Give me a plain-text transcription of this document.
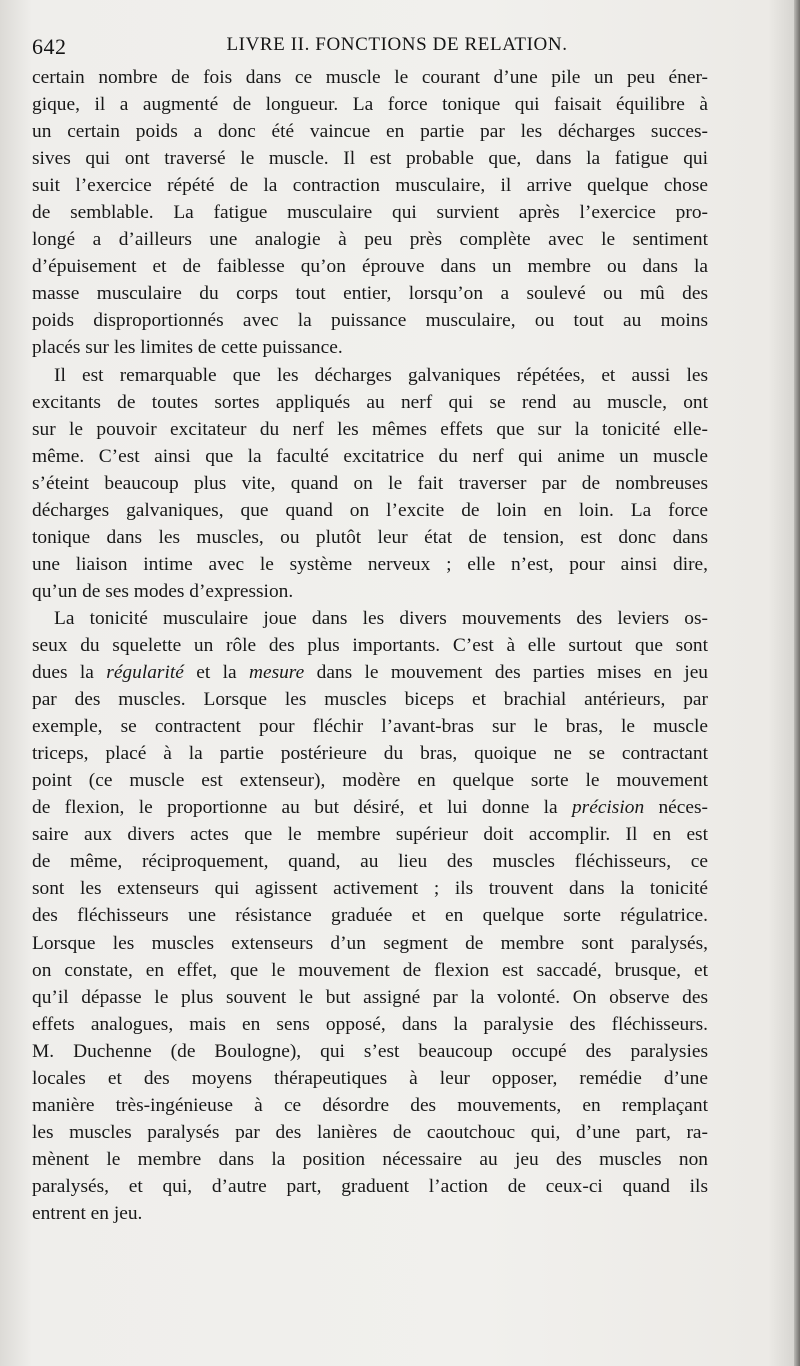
642	LIVRE II. FONCTIONS DE RELATION.
certain nombre de fois dans ce muscle le courant d’une pile un peu éner-
gique, il a augmenté de longueur. La force tonique qui faisait équilibre à
un certain poids a donc été vaincue en partie par les décharges succes-
sives qui ont traversé le muscle. Il est probable que, dans la fatigue qui
suit l’exercice répété de la contraction musculaire, il arrive quelque chose
de semblable. La fatigue musculaire qui survient après l’exercice pro-
longé a d’ailleurs une analogie à peu près complète avec le sentiment
d’épuisement et de faiblesse qu’on éprouve dans un membre ou dans la
masse musculaire du corps tout entier, lorsqu’on a soulevé ou mû des
poids disproportionnés avec la puissance musculaire, ou tout au moins
placés sur les limites de cette puissance.
Il est remarquable que les décharges galvaniques répétées, et aussi les
excitants de toutes sortes appliqués au nerf qui se rend au muscle, ont
sur le pouvoir excitateur du nerf les mêmes effets que sur la tonicité elle-
même. C’est ainsi que la faculté excitatrice du nerf qui anime un muscle
s’éteint beaucoup plus vite, quand on le fait traverser par de nombreuses
décharges galvaniques, que quand on l’excite de loin en loin. La force
tonique dans les muscles, ou plutôt leur état de tension, est donc dans
une liaison intime avec le système nerveux ; elle n’est, pour ainsi dire,
qu’un de ses modes d’expression.
La tonicité musculaire joue dans les divers mouvements des leviers os-
seux du squelette un rôle des plus importants. C’est à elle surtout que sont
dues la régularité et la mesure dans le mouvement des parties mises en jeu
par des muscles. Lorsque les muscles biceps et brachial antérieurs, par
exemple, se contractent pour fléchir l’avant-bras sur le bras, le muscle
triceps, placé à la partie postérieure du bras, quoique ne se contractant
point (ce muscle est extenseur), modère en quelque sorte le mouvement
de flexion, le proportionne au but désiré, et lui donne la précision néces-
saire aux divers actes que le membre supérieur doit accomplir. Il en est
de même, réciproquement, quand, au lieu des muscles fléchisseurs, ce
sont les extenseurs qui agissent activement ; ils trouvent dans la tonicité
des fléchisseurs une résistance graduée et en quelque sorte régulatrice.
Lorsque les muscles extenseurs d’un segment de membre sont paralysés,
on constate, en effet, que le mouvement de flexion est saccadé, brusque, et
qu’il dépasse le plus souvent le but assigné par la volonté. On observe des
effets analogues, mais en sens opposé, dans la paralysie des fléchisseurs.
M. Duchenne (de Boulogne), qui s’est beaucoup occupé des paralysies
locales et des moyens thérapeutiques à leur opposer, remédie d’une
manière très-ingénieuse à ce désordre des mouvements, en remplaçant
les muscles paralysés par des lanières de caoutchouc qui, d’une part, ra-
mènent le membre dans la position nécessaire au jeu des muscles non
paralysés, et qui, d’autre part, graduent l’action de ceux-ci quand ils
entrent en jeu.
